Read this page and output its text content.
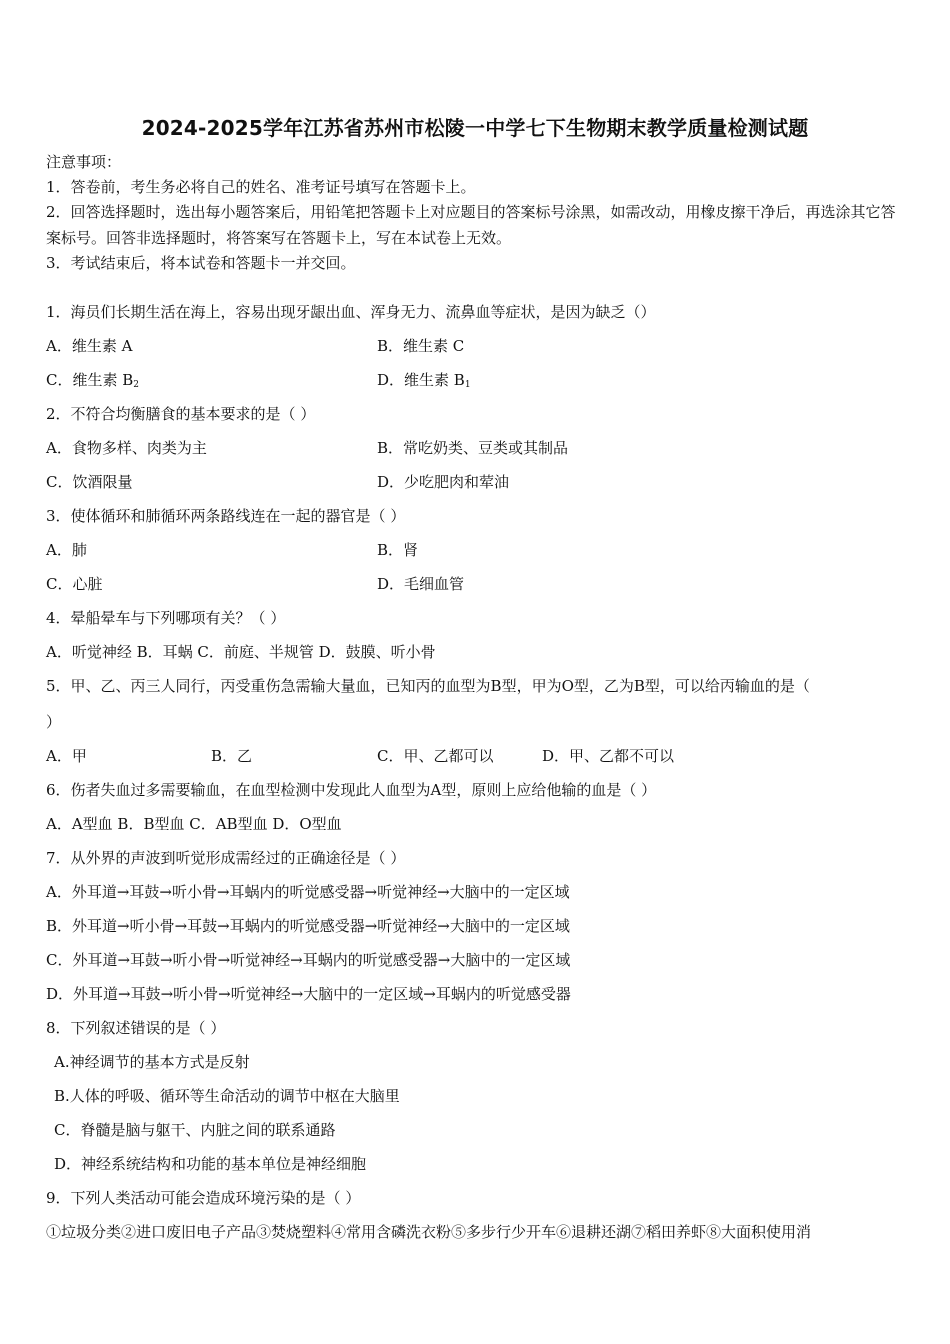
2024-2025学年江苏省苏州市松陵一中学七下生物期末教学质量检测试题
注意事项：
1．答卷前，考生务必将自己的姓名、准考证号填写在答题卡上。
2．回答选择题时，选出每小题答案后，用铅笔把答题卡上对应题目的答案标号涂黑，如需改动，用橡皮擦干净后，再选涂其它答案标号。回答非选择题时，将答案写在答题卡上，写在本试卷上无效。
3．考试结束后，将本试卷和答题卡一并交回。
1．海员们长期生活在海上，容易出现牙龈出血、浑身无力、流鼻血等症状，是因为缺乏（）
A．维生素 A	B．维生素 C
C．维生素 $B_2$	D．维生素 $B_1$
2．不符合均衡膳食的基本要求的是（ ）
A．食物多样、肉类为主	B．常吃奶类、豆类或其制品
C．饮酒限量	D．少吃肥肉和荤油
3．使体循环和肺循环两条路线连在一起的器官是（ ）
A．肺	B．肾
C．心脏	D．毛细血管
4．晕船晕车与下列哪项有关？（ ）
A．听觉神经 B．耳蜗 C．前庭、半规管 D．鼓膜、听小骨
5．甲、乙、丙三人同行，丙受重伤急需输大量血，已知丙的血型为B型，甲为O型，乙为B型，可以给丙输血的是（
）
A．甲	B．乙	C．甲、乙都可以	D．甲、乙都不可以
6．伤者失血过多需要输血，在血型检测中发现此人血型为A型，原则上应给他输的血是（ ）
A．A型血 B．B型血 C．AB型血 D．O型血
7．从外界的声波到听觉形成需经过的正确途径是（ ）
A．外耳道→耳鼓→听小骨→耳蜗内的听觉感受器→听觉神经→大脑中的一定区域
B．外耳道→听小骨→耳鼓→耳蜗内的听觉感受器→听觉神经→大脑中的一定区域
C．外耳道→耳鼓→听小骨→听觉神经→耳蜗内的听觉感受器→大脑中的一定区域
D．外耳道→耳鼓→听小骨→听觉神经→大脑中的一定区域→耳蜗内的听觉感受器
8．下列叙述错误的是（ ）
A.神经调节的基本方式是反射
B.人体的呼吸、循环等生命活动的调节中枢在大脑里
C．脊髓是脑与躯干、内脏之间的联系通路
D．神经系统结构和功能的基本单位是神经细胞
9．下列人类活动可能会造成环境污染的是（ ）
①垃圾分类②进口废旧电子产品③焚烧塑料④常用含磷洗衣粉⑤多步行少开车⑥退耕还湖⑦稻田养虾⑧大面积使用消
